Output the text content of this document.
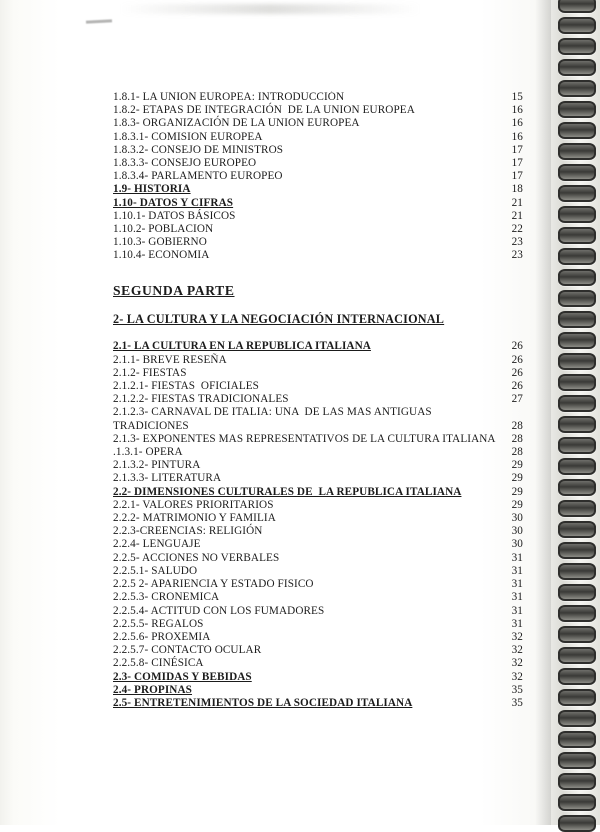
1.8.1- LA UNION EUROPEA: INTRODUCCIÓN	15
1.8.2- ETAPAS DE INTEGRACIÓN  DE LA UNION EUROPEA	16
1.8.3- ORGANIZACIÓN DE LA UNION EUROPEA	16
1.8.3.1- COMISION EUROPEA	16
1.8.3.2- CONSEJO DE MINISTROS	17
1.8.3.3- CONSEJO EUROPEO	17
1.8.3.4- PARLAMENTO EUROPEO	17
1.9- HISTORIA	18
1.10- DATOS Y CIFRAS	21
1.10.1- DATOS BÁSICOS	21
1.10.2- POBLACION	22
1.10.3- GOBIERNO	23
1.10.4- ECONOMIA	23
SEGUNDA PARTE
2- LA CULTURA Y LA NEGOCIACIÓN INTERNACIONAL
2.1- LA CULTURA EN LA REPUBLICA ITALIANA	26
2.1.1- BREVE RESEÑA	26
2.1.2- FIESTAS	26
2.1.2.1- FIESTAS  OFICIALES	26
2.1.2.2- FIESTAS TRADICIONALES	27
2.1.2.3- CARNAVAL DE ITALIA: UNA  DE LAS MAS ANTIGUAS
TRADICIONES	28
2.1.3- EXPONENTES MAS REPRESENTATIVOS DE LA CULTURA ITALIANA 28
.1.3.1- OPERA	28
2.1.3.2- PINTURA	29
2.1.3.3- LITERATURA	29
2.2- DIMENSIONES CULTURALES DE  LA REPUBLICA ITALIANA	29
2.2.1- VALORES PRIORITARIOS	29
2.2.2- MATRIMONIO Y FAMILIA	30
2.2.3-CREENCIAS: RELIGIÓN	30
2.2.4- LENGUAJE	30
2.2.5- ACCIONES NO VERBALES	31
2.2.5.1- SALUDO	31
2.2.5 2- APARIENCIA Y ESTADO FISICO	31
2.2.5.3- CRONEMICA	31
2.2.5.4- ACTITUD CON LOS FUMADORES	31
2.2.5.5- REGALOS	31
2.2.5.6- PROXEMIA	32
2.2.5.7- CONTACTO OCULAR	32
2.2.5.8- CINÉSICA	32
2.3- COMIDAS Y BEBIDAS	32
2.4- PROPINAS	35
2.5- ENTRETENIMIENTOS DE LA SOCIEDAD ITALIANA	35
